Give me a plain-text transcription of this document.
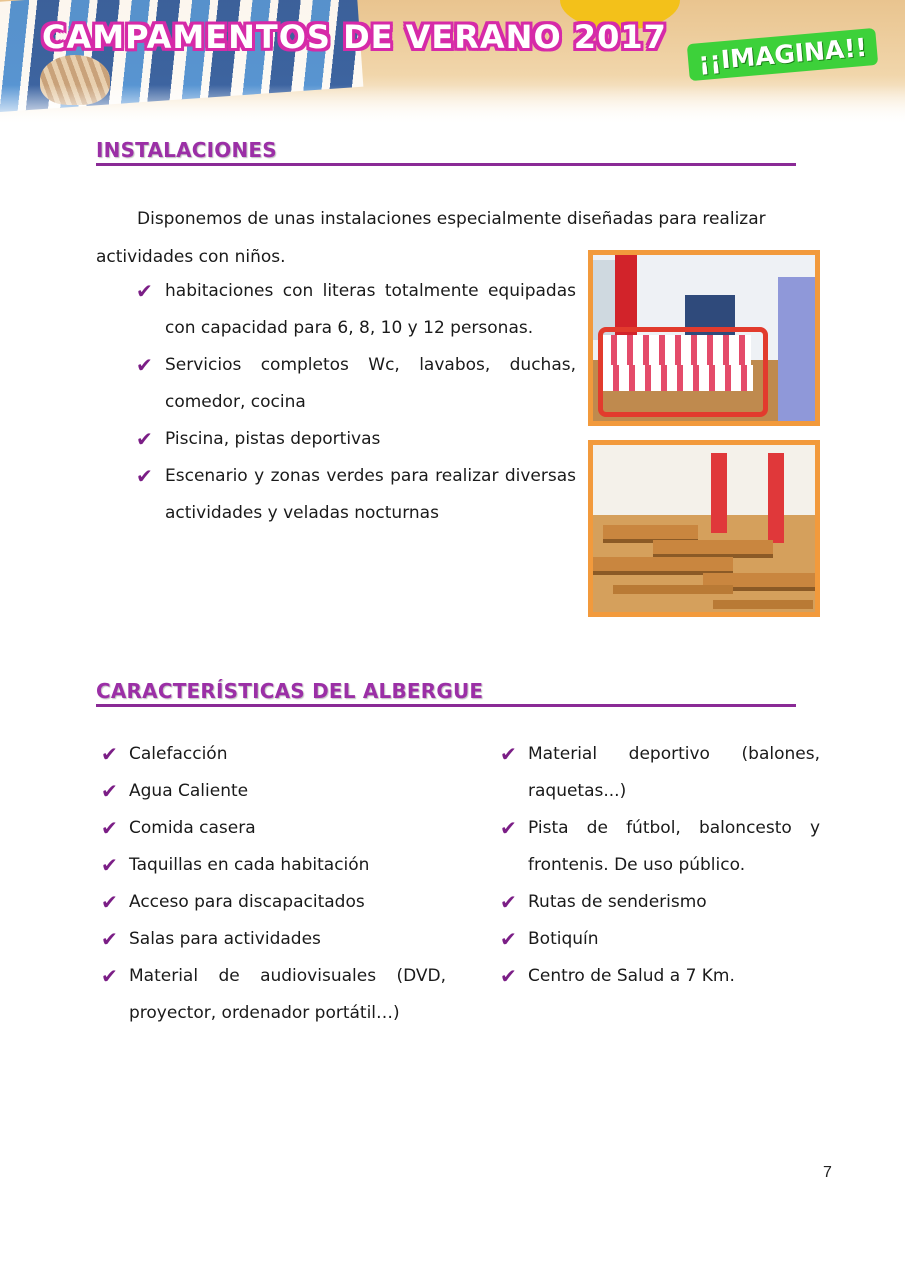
CAMPAMENTOS DE VERANO 2017	¡¡IMAGINA!!
INSTALACIONES

Disponemos de unas instalaciones especialmente diseñadas para realizar
actividades con niños.

✔ habitaciones con literas totalmente equipadas con capacidad para 6, 8, 10 y 12 personas.
✔ Servicios completos Wc, lavabos, duchas, comedor, cocina
✔ Piscina, pistas deportivas
✔ Escenario y zonas verdes para realizar diversas actividades y veladas nocturnas
CARACTERÍSTICAS DEL ALBERGUE
✔ Calefacción
✔ Agua Caliente
✔ Comida casera
✔ Taquillas en cada habitación
✔ Acceso para discapacitados
✔ Salas para actividades
✔ Material de audiovisuales (DVD, proyector, ordenador portátil…)
✔ Material deportivo (balones, raquetas...)
✔ Pista de fútbol, baloncesto y frontenis. De uso público.
✔ Rutas de senderismo
✔ Botiquín
✔ Centro de Salud a 7 Km.
7
